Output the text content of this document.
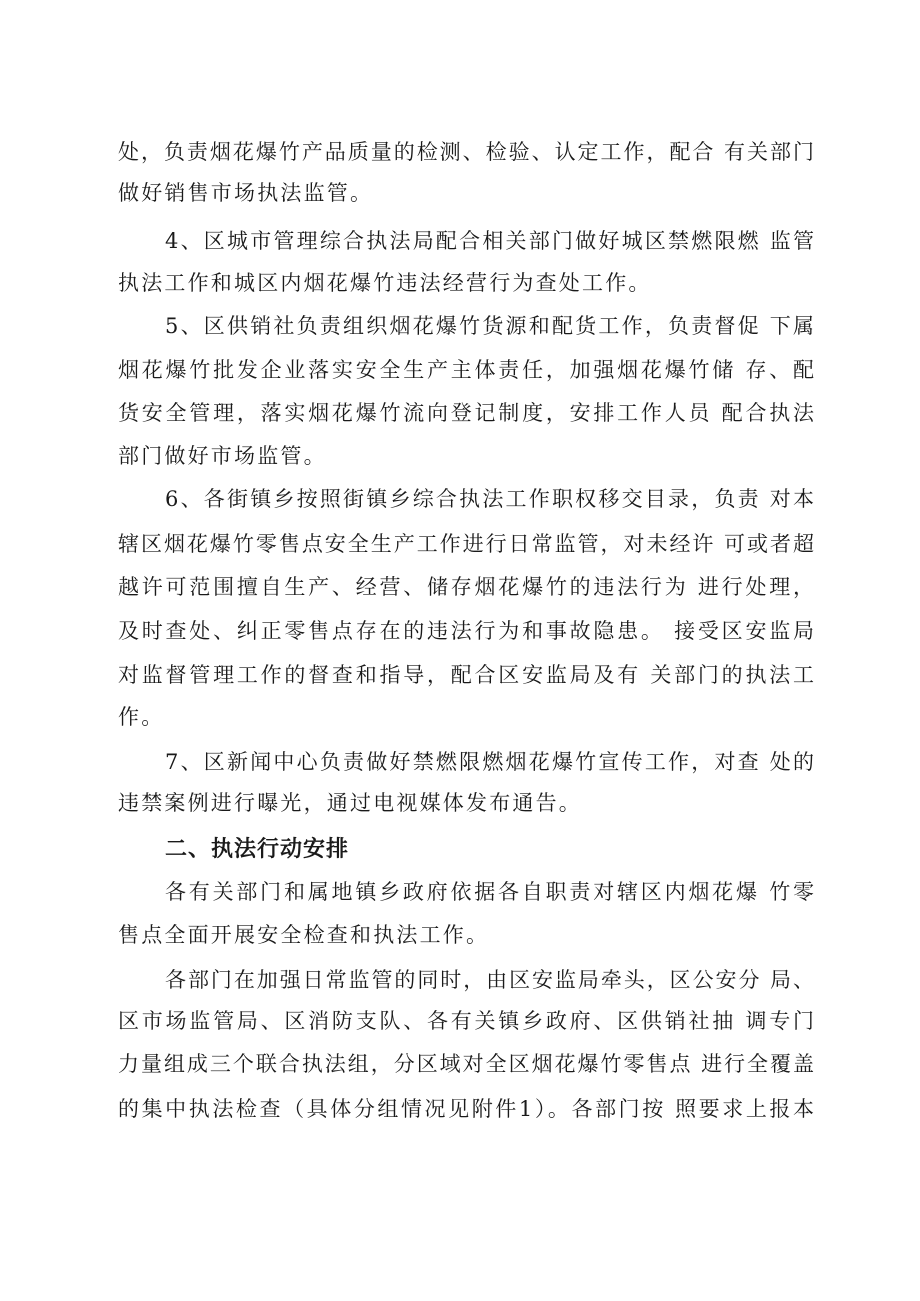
处，负责烟花爆竹产品质量的检测、检验、认定工作，配合 有关部门
做好销售市场执法监管。
4、区城市管理综合执法局配合相关部门做好城区禁燃限燃 监管
执法工作和城区内烟花爆竹违法经营行为查处工作。
5、区供销社负责组织烟花爆竹货源和配货工作，负责督促 下属
烟花爆竹批发企业落实安全生产主体责任，加强烟花爆竹储 存、配
货安全管理，落实烟花爆竹流向登记制度，安排工作人员 配合执法
部门做好市场监管。
6、各街镇乡按照街镇乡综合执法工作职权移交目录，负责 对本
辖区烟花爆竹零售点安全生产工作进行日常监管，对未经许 可或者超
越许可范围擅自生产、经营、储存烟花爆竹的违法行为 进行处理，
及时查处、纠正零售点存在的违法行为和事故隐患。 接受区安监局
对监督管理工作的督查和指导，配合区安监局及有 关部门的执法工
作。
7、区新闻中心负责做好禁燃限燃烟花爆竹宣传工作，对查 处的
违禁案例进行曝光，通过电视媒体发布通告。
二、执法行动安排
各有关部门和属地镇乡政府依据各自职责对辖区内烟花爆 竹零
售点全面开展安全检查和执法工作。
各部门在加强日常监管的同时，由区安监局牵头，区公安分 局、
区市场监管局、区消防支队、各有关镇乡政府、区供销社抽 调专门
力量组成三个联合执法组，分区域对全区烟花爆竹零售点 进行全覆盖
的集中执法检查（具体分组情况见附件1）。各部门按 照要求上报本
